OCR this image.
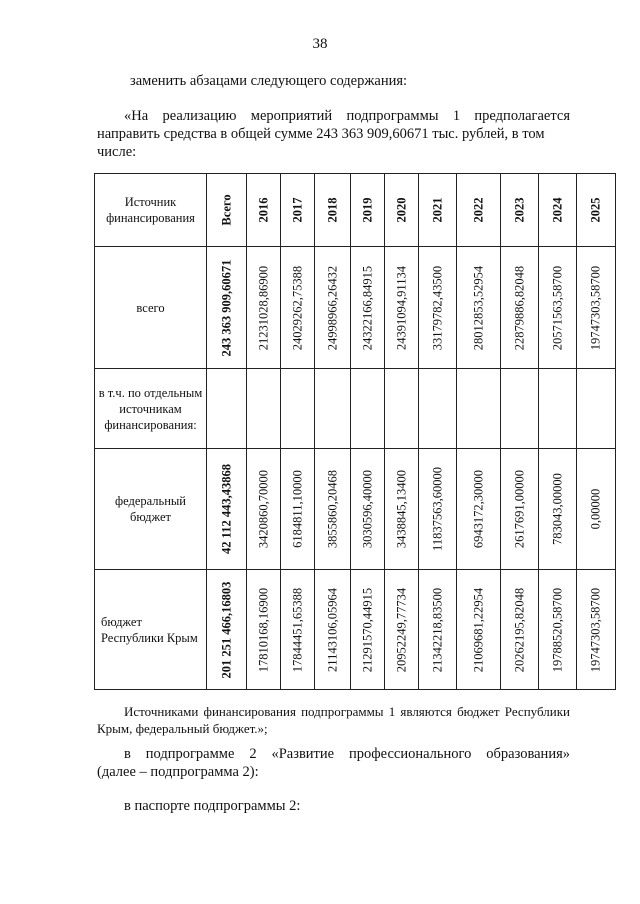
38
заменить абзацами следующего содержания:
«На реализацию мероприятий подпрограммы 1 предполагается
направить средства в общей сумме 243 363 909,60671 тыс. рублей, в том
числе:
Источник финансирования	Всего	2016	2017	2018	2019	2020	2021	2022	2023	2024	2025

всего	243 363 909,60671	21231028,86900	24029262,75388	24998966,26432	24322166,84915	24391094,91134	33179782,43500	28012853,52954	22879886,82048	20571563,58700	19747303,58700

в т.ч. по отдельным источникам финансирования:	

федеральный бюджет	42 112 443,43868	3420860,70000	6184811,10000	3855860,20468	3030596,40000	3438845,13400	11837563,60000	6943172,30000	2617691,00000	783043,00000	0,00000

бюджет Республики Крым	201 251 466,16803	17810168,16900	17844451,65388	21143106,05964	21291570,44915	20952249,77734	21342218,83500	21069681,22954	20262195,82048	19788520,58700	19747303,58700
Источниками финансирования подпрограммы 1 являются бюджет Республики
Крым, федеральный бюджет.»;
в подпрограмме 2 «Развитие профессионального образования»
(далее – подпрограмма 2):
в паспорте подпрограммы 2:
